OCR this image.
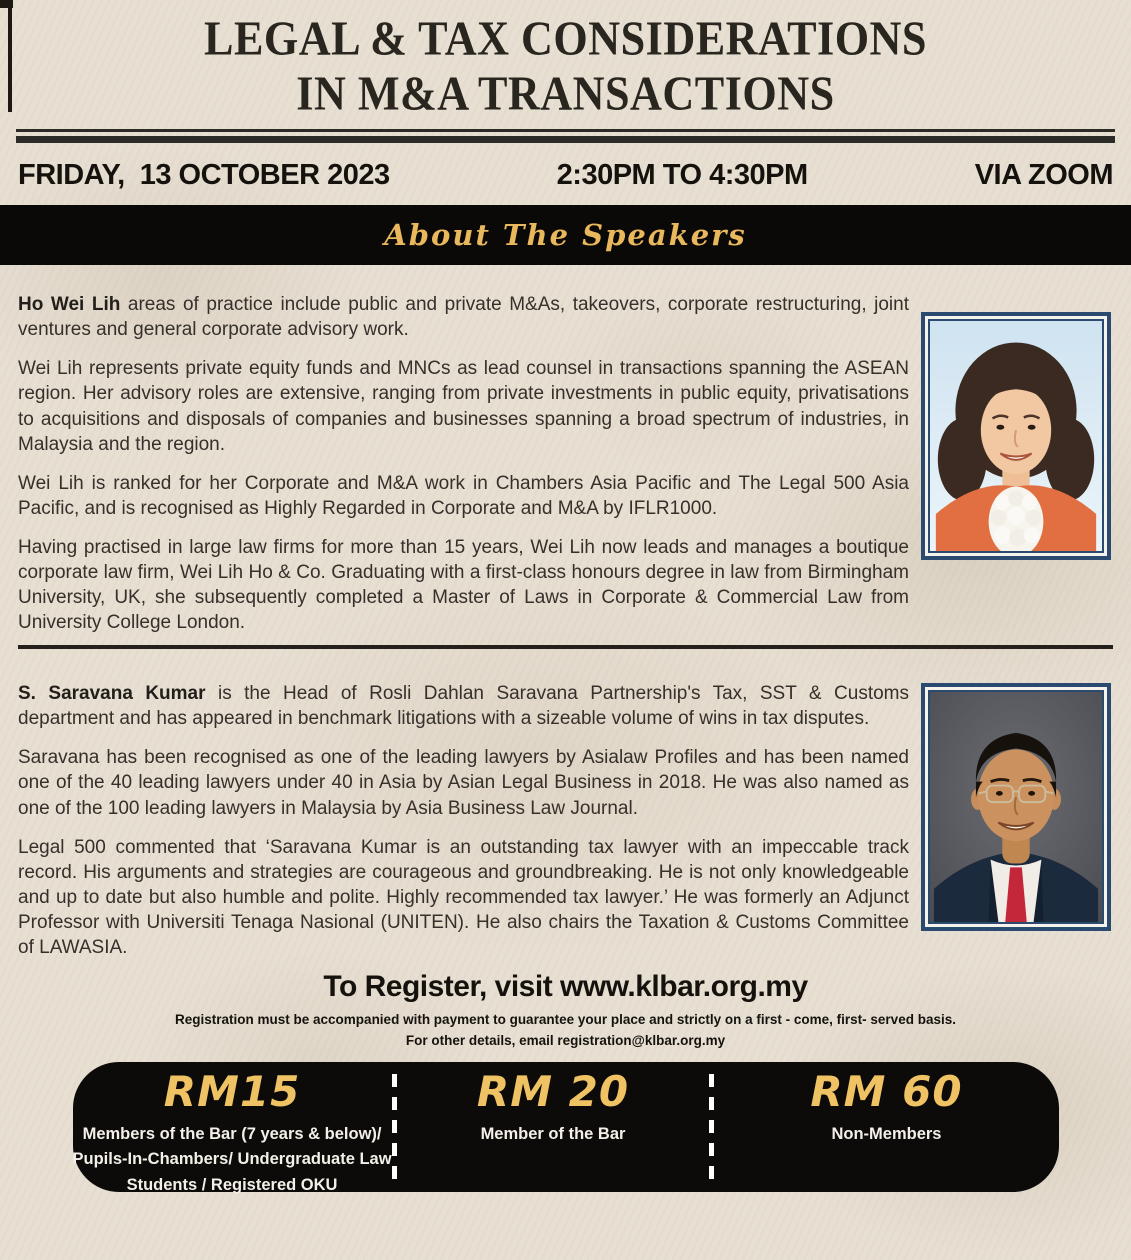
LEGAL & TAX CONSIDERATIONS
IN M&A TRANSACTIONS
FRIDAY,  13 OCTOBER 2023	2:30PM TO 4:30PM	VIA ZOOM
About The Speakers

Ho Wei Lih areas of practice include public and private M&As, takeovers, corporate restructuring, joint ventures and general corporate advisory work.

Wei Lih represents private equity funds and MNCs as lead counsel in transactions spanning the ASEAN region. Her advisory roles are extensive, ranging from private investments in public equity, privatisations to acquisitions and disposals of companies and businesses spanning a broad spectrum of industries, in Malaysia and the region.

Wei Lih is ranked for her Corporate and M&A work in Chambers Asia Pacific and The Legal 500 Asia Pacific, and is recognised as Highly Regarded in Corporate and M&A by IFLR1000.

Having practised in large law firms for more than 15 years, Wei Lih now leads and manages a boutique corporate law firm, Wei Lih Ho & Co. Graduating with a first-class honours degree in law from Birmingham University, UK, she subsequently completed a Master of Laws in Corporate & Commercial Law from University College London.

S. Saravana Kumar is the Head of Rosli Dahlan Saravana Partnership's Tax, SST & Customs department and has appeared in benchmark litigations with a sizeable volume of wins in tax disputes.

Saravana has been recognised as one of the leading lawyers by Asialaw Profiles and has been named one of the 40 leading lawyers under 40 in Asia by Asian Legal Business in 2018. He was also named as one of the 100 leading lawyers in Malaysia by Asia Business Law Journal.

Legal 500 commented that ‘Saravana Kumar is an outstanding tax lawyer with an impeccable track record. His arguments and strategies are courageous and groundbreaking. He is not only knowledgeable and up to date but also humble and polite. Highly recommended tax lawyer.’ He was formerly an Adjunct Professor with Universiti Tenaga Nasional (UNITEN). He also chairs the Taxation & Customs Committee of LAWASIA.

To Register, visit www.klbar.org.my
Registration must be accompanied with payment to guarantee your place and strictly on a first - come, first- served basis.
For other details, email registration@klbar.org.my
RM15
Members of the Bar (7 years & below)/ Pupils-In-Chambers/ Undergraduate Law Students / Registered OKU
RM 20
Member of the Bar
RM 60
Non-Members
